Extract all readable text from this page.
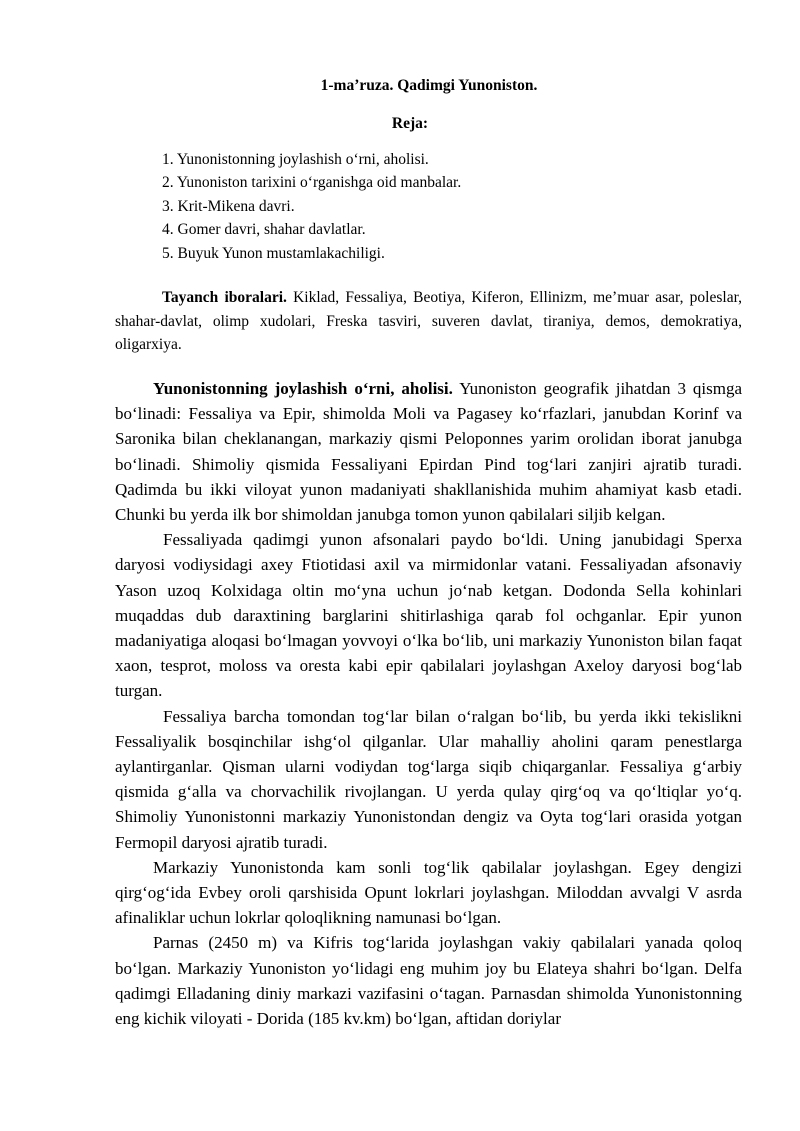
1-ma’ruza. Qadimgi Yunoniston.
Reja:
1. Yunonistonning joylashish o‘rni, aholisi.
2. Yunoniston tarixini o‘rganishga oid manbalar.
3. Krit-Mikena davri.
4. Gomer davri, shahar davlatlar.
5. Buyuk Yunon mustamlakachiligi.

Tayanch iboralari. Kiklad, Fessaliya, Beotiya, Kiferon, Ellinizm, me’muar asar, poleslar, shahar-davlat, olimp xudolari, Freska tasviri, suveren davlat, tiraniya, demos, demokratiya, oligarxiya.

Yunonistonning joylashish o‘rni, aholisi. Yunoniston geografik jihatdan 3 qismga bo‘linadi: Fessaliya va Epir, shimolda Moli va Pagasey ko‘rfazlari, janubdan Korinf va Saronika bilan cheklanangan, markaziy qismi Peloponnes yarim orolidan iborat janubga bo‘linadi. Shimoliy qismida Fessaliyani Epirdan Pind tog‘lari zanjiri ajratib turadi. Qadimda bu ikki viloyat yunon madaniyati shakllanishida muhim ahamiyat kasb etadi. Chunki bu yerda ilk bor shimoldan janubga tomon yunon qabilalari siljib kelgan.

Fessaliyada qadimgi yunon afsonalari paydo bo‘ldi. Uning janubidagi Sperxa daryosi vodiysidagi axey Ftiotidasi axil va mirmidonlar vatani. Fessaliyadan afsonaviy Yason uzoq Kolxidaga oltin mo‘yna uchun jo‘nab ketgan. Dodonda Sella kohinlari muqaddas dub daraxtining barglarini shitirlashiga qarab fol ochganlar. Epir yunon madaniyatiga aloqasi bo‘lmagan yovvoyi o‘lka bo‘lib, uni markaziy Yunoniston bilan faqat xaon, tesprot, moloss va oresta kabi epir qabilalari joylashgan Axeloy daryosi bog‘lab turgan.

Fessaliya barcha tomondan tog‘lar bilan o‘ralgan bo‘lib, bu yerda ikki tekislikni Fessaliyalik bosqinchilar ishg‘ol qilganlar. Ular mahalliy aholini qaram penestlarga aylantirganlar. Qisman ularni vodiydan tog‘larga siqib chiqarganlar. Fessaliya g‘arbiy qismida g‘alla va chorvachilik rivojlangan. U yerda qulay qirg‘oq va qo‘ltiqlar yo‘q. Shimoliy Yunonistonni markaziy Yunonistondan dengiz va Oyta tog‘lari orasida yotgan Fermopil daryosi ajratib turadi.

Markaziy Yunonistonda kam sonli tog‘lik qabilalar joylashgan. Egey dengizi qirg‘og‘ida Evbey oroli qarshisida Opunt lokrlari joylashgan. Miloddan avvalgi V asrda afinaliklar uchun lokrlar qoloqlikning namunasi bo‘lgan.

Parnas (2450 m) va Kifris tog‘larida joylashgan vakiy qabilalari yanada qoloq bo‘lgan. Markaziy Yunoniston yo‘lidagi eng muhim joy bu Elateya shahri bo‘lgan. Delfa qadimgi Elladaning diniy markazi vazifasini o‘tagan. Parnasdan shimolda Yunonistonning eng kichik viloyati - Dorida (185 kv.km) bo‘lgan, aftidan doriylar
